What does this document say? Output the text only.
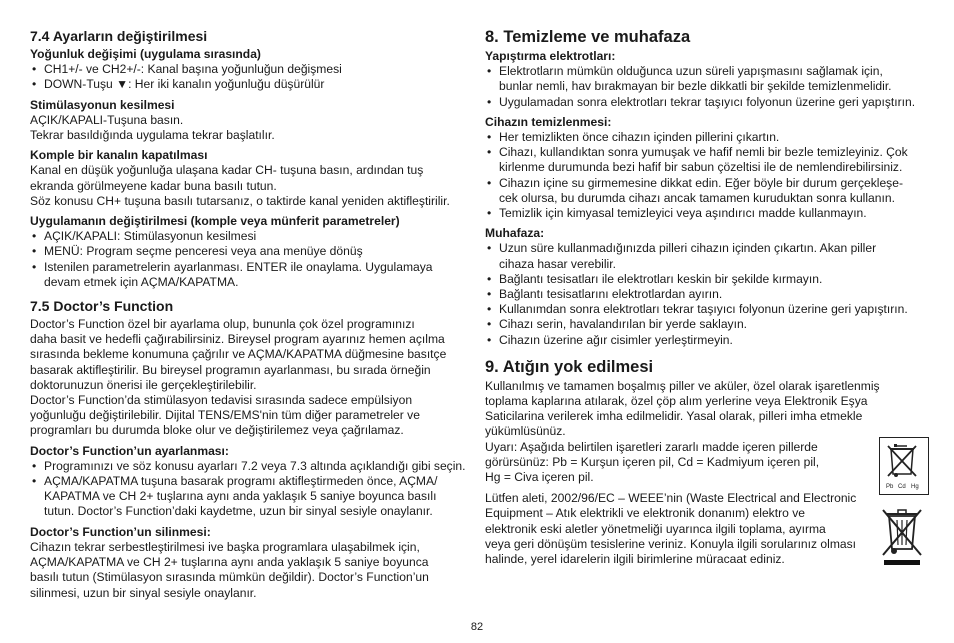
7.4 Ayarların değiştirilmesi
Yoğunluk değişimi (uygulama sırasında)
• CH1+/- ve CH2+/-: Kanal başına yoğunluğun değişmesi
• DOWN-Tuşu ▼: Her iki kanalın yoğunluğu düşürülür
Stimülasyonun kesilmesi
AÇIK/KAPALI-Tuşuna basın.
Tekrar basıldığında uygulama tekrar başlatılır.
Komple bir kanalın kapatılması
Kanal en düşük yoğunluğa ulaşana kadar CH- tuşuna basın, ardından tuş
ekranda görülmeyene kadar buna basılı tutun.
Söz konusu CH+ tuşuna basılı tutarsanız, o taktirde kanal yeniden aktifleştirilir.
Uygulamanın değiştirilmesi (komple veya münferit parametreler)
• AÇIK/KAPALI: Stimülasyonun kesilmesi
• MENÜ: Program seçme penceresi veya ana menüye dönüş
• Istenilen parametrelerin ayarlanması. ENTER ile onaylama. Uygulamaya
devam etmek için AÇMA/KAPATMA.
7.5 Doctor’s Function
Doctor’s Function özel bir ayarlama olup, bununla çok özel programınızı
daha basit ve hedefli çağırabilirsiniz. Bireysel program ayarınız hemen açılma
sırasında bekleme konumuna çağrılır ve AÇMA/KAPATMA düğmesine basıtçe
basarak aktifleştirilir. Bu bireysel programın ayarlanması, bu sırada örneğin
doktorunuzun önerisi ile gerçekleştirilebilir.
Doctor’s Function’da stimülasyon tedavisi sırasında sadece empülsiyon
yoğunluğu değiştirilebilir. Dijital TENS/EMS'nin tüm diğer parametreler ve
programları bu durumda bloke olur ve değiştirilemez veya çağrılamaz.
Doctor’s Function’un ayarlanması:
• Programınızı ve söz konusu ayarları 7.2 veya 7.3 altında açıklandığı gibi seçin.
• AÇMA/KAPATMA tuşuna basarak programı aktifleştirmeden önce, AÇMA/
KAPATMA ve CH 2+ tuşlarına aynı anda yaklaşık 5 saniye boyunca basılı
tutun. Doctor’s Function’daki kaydetme, uzun bir sinyal sesiyle onaylanır.
Doctor’s Function’un silinmesi:
Cihazın tekrar serbestleştirilmesi ive başka programlara ulaşabilmek için,
AÇMA/KAPATMA ve CH 2+ tuşlarına aynı anda yaklaşık 5 saniye boyunca
basılı tutun (Stimülasyon sırasında mümkün değildir). Doctor’s Function’un
silinmesi, uzun bir sinyal sesiyle onaylanır.
8. Temizleme ve muhafaza
Yapıştırma elektrotları:
• Elektrotların mümkün olduğunca uzun süreli yapışmasını sağlamak için,
bunlar nemli, hav bırakmayan bir bezle dikkatli bir şekilde temizlenmelidir.
• Uygulamadan sonra elektrotları tekrar taşıyıcı folyonun üzerine geri yapıştırın.
Cihazın temizlenmesi:
• Her temizlikten önce cihazın içinden pillerini çıkartın.
• Cihazı, kullandıktan sonra yumuşak ve hafif nemli bir bezle temizleyiniz. Çok
kirlenme durumunda bezi hafif bir sabun çözeltisi ile de nemlendirebilirsiniz.
• Cihazın içine su girmemesine dikkat edin. Eğer böyle bir durum gerçekleşe-
cek olursa, bu durumda cihazı ancak tamamen kuruduktan sonra kullanın.
• Temizlik için kimyasal temizleyici veya aşındırıcı madde kullanmayın.
Muhafaza:
• Uzun süre kullanmadığınızda pilleri cihazın içinden çıkartın. Akan piller
cihaza hasar verebilir.
• Bağlantı tesisatları ile elektrotları keskin bir şekilde kırmayın.
• Bağlantı tesisatlarını elektrotlardan ayırın.
• Kullanımdan sonra elektrotları tekrar taşıyıcı folyonun üzerine geri yapıştırın.
• Cihazı serin, havalandırılan bir yerde saklayın.
• Cihazın üzerine ağır cisimler yerleştirmeyin.
9. Atığın yok edilmesi
Kullanılmış ve tamamen boşalmış piller ve aküler, özel olarak işaretlenmiş
toplama kaplarına atılarak, özel çöp alım yerlerine veya Elektronik Eşya
Saticilarina verilerek imha edilmelidir. Yasal olarak, pilleri imha etmekle
yükümlüsünüz.
Uyarı: Aşağıda belirtilen işaretleri zararlı madde içeren pillerde
görürsünüz: Pb = Kurşun içeren pil, Cd = Kadmiyum içeren pil,
Hg = Civa içeren pil.
Lütfen aleti, 2002/96/EC – WEEE’nin (Waste Electrical and Electronic
Equipment – Atık elektrikli ve elektronik donanım) elektro ve
elektronik eski aletler yönetmeliği uyarınca ilgili toplama, ayırma
veya geri dönüşüm tesislerine veriniz. Konuyla ilgili sorularınız olması
halinde, yerel idarelerin ilgili birimlerine müracaat ediniz.
Pb Cd Hg
82
